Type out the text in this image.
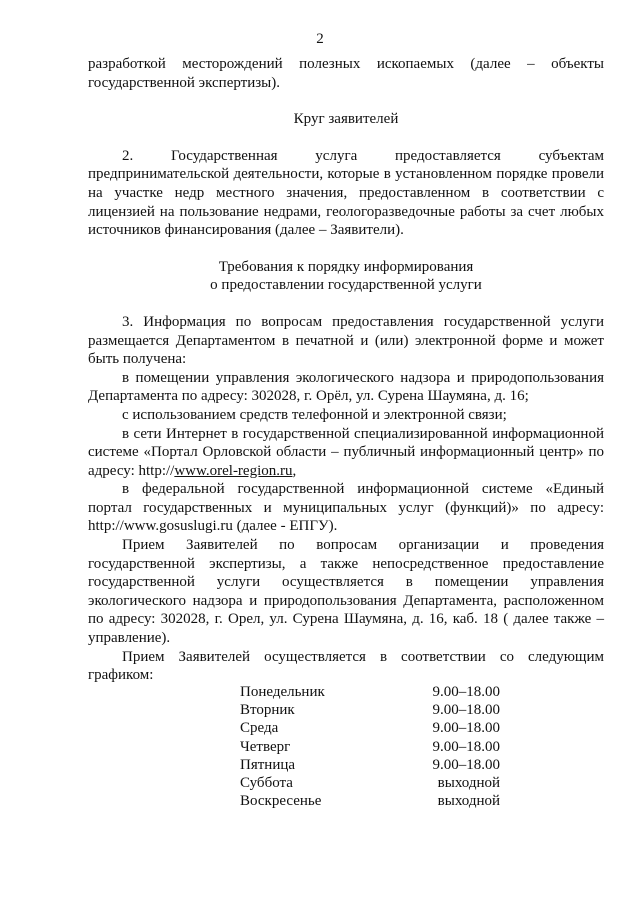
2

разработкой месторождений полезных ископаемых (далее – объекты государственной экспертизы).

Круг заявителей

2. Государственная услуга предоставляется субъектам предпринимательской деятельности, которые в установленном порядке провели на участке недр местного значения, предоставленном в соответствии с лицензией на пользование недрами, геологоразведочные работы за счет любых источников финансирования (далее – Заявители).

Требования к порядку информирования

о предоставлении государственной услуги

3. Информация по вопросам предоставления государственной услуги размещается Департаментом в печатной и (или) электронной форме и может быть получена:

в помещении управления экологического надзора и природопользования Департамента по адресу: 302028, г. Орёл, ул. Сурена Шаумяна, д. 16;

с использованием средств телефонной и электронной связи;

в сети Интернет в государственной специализированной информационной системе «Портал Орловской области – публичный информационный центр» по адресу: http://www.orel-region.ru,

в федеральной государственной информационной системе «Единый портал государственных и муниципальных услуг (функций)» по адресу: http://www.gosuslugi.ru (далее - ЕПГУ).

Прием Заявителей по вопросам организации и проведения государственной экспертизы, а также непосредственное предоставление государственной услуги осуществляется в помещении управления экологического надзора и природопользования Департамента, расположенном по адресу: 302028, г. Орел, ул. Сурена Шаумяна, д. 16, каб. 18 ( далее также – управление).

Прием Заявителей осуществляется в соответствии со следующим графиком:

Понедельник	9.00–18.00
Вторник	9.00–18.00
Среда	9.00–18.00
Четверг	9.00–18.00
Пятница	9.00–18.00
Суббота	выходной
Воскресенье	выходной
